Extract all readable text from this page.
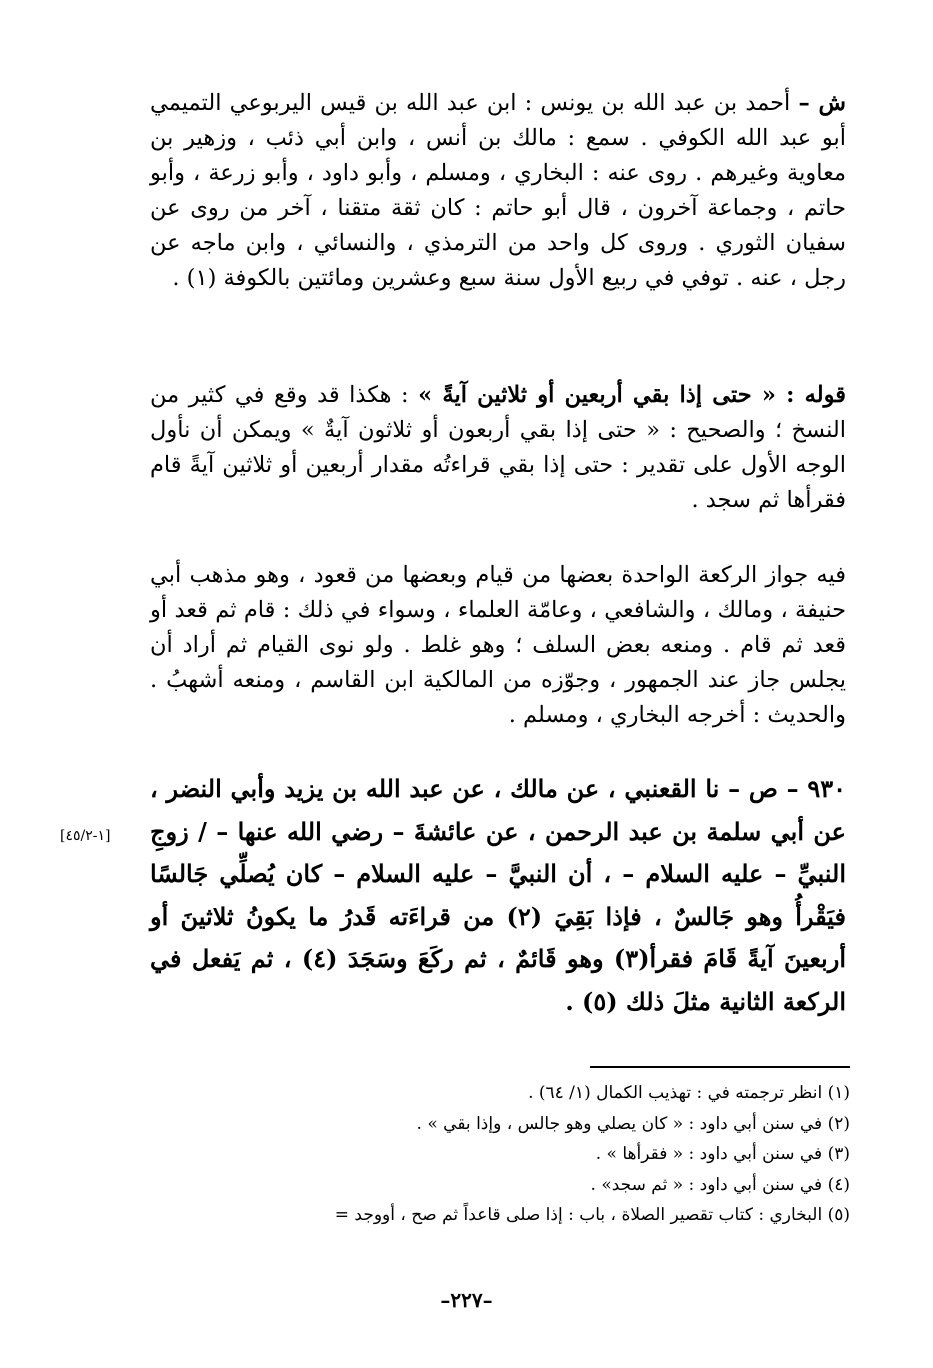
ش – أحمد بن عبد الله بن يونس : ابن عبد الله بن قيس اليربوعي التميمي أبو عبد الله الكوفي . سمع : مالك بن أنس ، وابن أبي ذئب ، وزهير بن معاوية وغيرهم . روى عنه : البخاري ، ومسلم ، وأبو داود ، وأبو زرعة ، وأبو حاتم ، وجماعة آخرون ، قال أبو حاتم : كان ثقة متقنا ، آخر من روى عن سفيان الثوري . وروى كل واحد من الترمذي ، والنسائي ، وابن ماجه عن رجل ، عنه . توفي في ربيع الأول سنة سبع وعشرين ومائتين بالكوفة (١) .
قوله : « حتى إذا بقي أربعين أو ثلاثين آيةً » : هكذا قد وقع في كثير من النسخ ؛ والصحيح : « حتى إذا بقي أربعون أو ثلاثون آيةٌ » ويمكن أن نأول الوجه الأول على تقدير : حتى إذا بقي قراءتُه مقدار أربعين أو ثلاثين آيةً قام فقرأها ثم سجد .
فيه جواز الركعة الواحدة بعضها من قيام وبعضها من قعود ، وهو مذهب أبي حنيفة ، ومالك ، والشافعي ، وعامّة العلماء ، وسواء في ذلك : قام ثم قعد أو قعد ثم قام . ومنعه بعض السلف ؛ وهو غلط . ولو نوى القيام ثم أراد أن يجلس جاز عند الجمهور ، وجوّزه من المالكية ابن القاسم ، ومنعه أشهبُ . والحديث : أخرجه البخاري ، ومسلم .
٩٣٠ – ص – نا القعنبي ، عن مالك ، عن عبد الله بن يزيد وأبي النضر ، عن أبي سلمة بن عبد الرحمن ، عن عائشةَ – رضي الله عنها – / زوجِ النبيِّ – عليه السلام – ، أن النبيَّ – عليه السلام – كان يُصلِّي جَالسًا فيَقْرأُ وهو جَالسٌ ، فإذا بَقِيَ (٢) من قراءَته قَدرُ ما يكونُ ثلاثينَ أو أربعينَ آيةً قَامَ فقرأ(٣) وهو قَائمٌ ، ثم ركَعَ وسَجَدَ (٤) ، ثم يَفعل في الركعة الثانية مثلَ ذلك (٥) .
[١-٤٥/٢]
(١) انظر ترجمته في : تهذيب الكمال (١/ ٦٤) .
(٢) في سنن أبي داود : « كان يصلي وهو جالس ، وإذا بقي » .
(٣) في سنن أبي داود : « فقرأها » .
(٤) في سنن أبي داود : « ثم سجد» .
(٥) البخاري : كتاب تقصير الصلاة ، باب : إذا صلى قاعداً ثم صح ، أووجد =
–٢٢٧–
